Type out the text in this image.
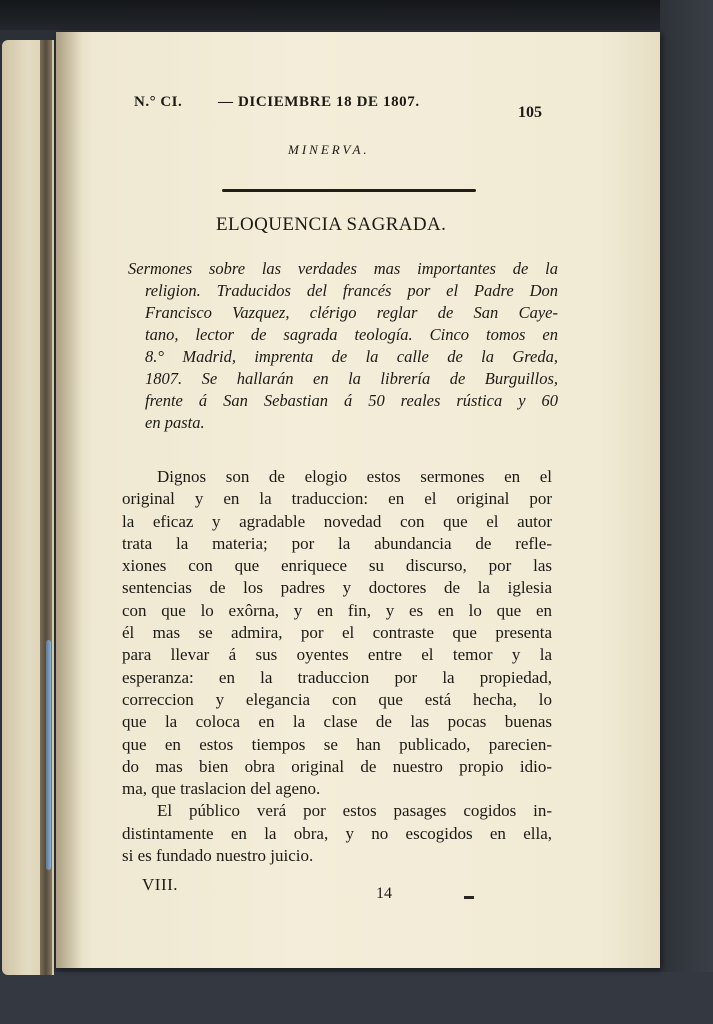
N.° CI. — DICIEMBRE 18 DE 1807.
105
MINERVA.
ELOQUENCIA SAGRADA.
Sermones sobre las verdades mas importantes de la
religion. Traducidos del francés por el Padre Don
Francisco Vazquez, clérigo reglar de San Caye-
tano, lector de sagrada teología. Cinco tomos en
8.° Madrid, imprenta de la calle de la Greda,
1807. Se hallarán en la librería de Burguillos,
frente á San Sebastian á 50 reales rústica y 60
en pasta.
Dignos son de elogio estos sermones en el
original y en la traduccion: en el original por
la eficaz y agradable novedad con que el autor
trata la materia; por la abundancia de refle-
xiones con que enriquece su discurso, por las
sentencias de los padres y doctores de la iglesia
con que lo exôrna, y en fin, y es en lo que en
él mas se admira, por el contraste que presenta
para llevar á sus oyentes entre el temor y la
esperanza: en la traduccion por la propiedad,
correccion y elegancia con que está hecha, lo
que la coloca en la clase de las pocas buenas
que en estos tiempos se han publicado, parecien-
do mas bien obra original de nuestro propio idio-
ma, que traslacion del ageno.
El público verá por estos pasages cogidos in-
distintamente en la obra, y no escogidos en ella,
si es fundado nuestro juicio.
VIII.	14
